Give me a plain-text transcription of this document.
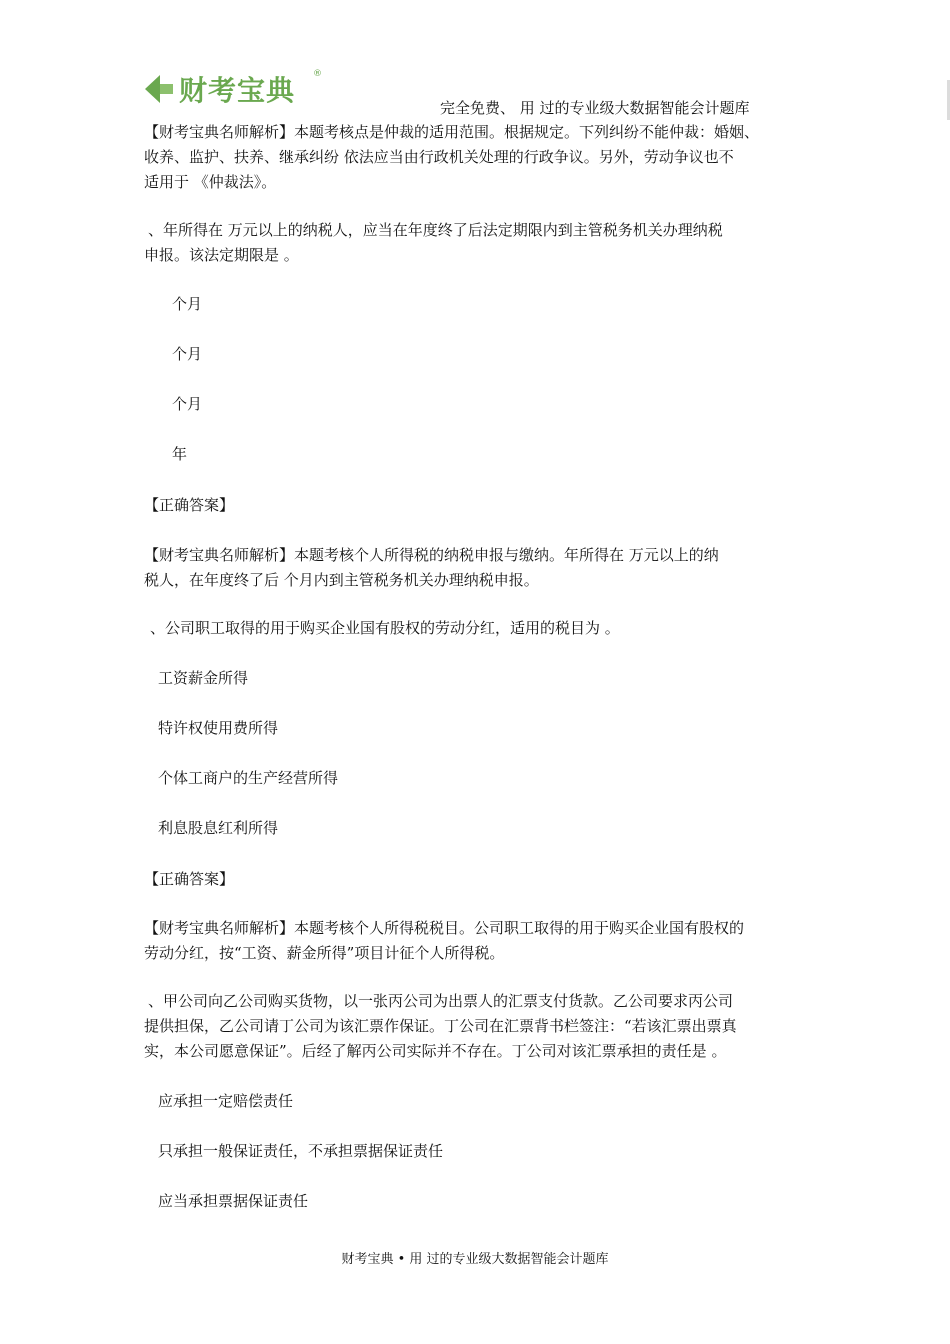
财考宝典 ®
完全免费、 用 过的专业级大数据智能会计题库

【财考宝典名师解析】本题考核点是仲裁的适用范围。根据规定。下列纠纷不能仲裁：婚姻、

收养、监护、扶养、继承纠纷 依法应当由行政机关处理的行政争议。另外，劳动争议也不

适用于 《仲裁法》。

、年所得在 万元以上的纳税人，应当在年度终了后法定期限内到主管税务机关办理纳税

申报。该法定期限是 。

个月

个月

个月

年

【正确答案】

【财考宝典名师解析】本题考核个人所得税的纳税申报与缴纳。年所得在 万元以上的纳

税人，在年度终了后 个月内到主管税务机关办理纳税申报。

、公司职工取得的用于购买企业国有股权的劳动分红，适用的税目为 。

工资薪金所得

特许权使用费所得

个体工商户的生产经营所得

利息股息红利所得

【正确答案】

【财考宝典名师解析】本题考核个人所得税税目。公司职工取得的用于购买企业国有股权的

劳动分红，按“工资、薪金所得”项目计征个人所得税。

、甲公司向乙公司购买货物，以一张丙公司为出票人的汇票支付货款。乙公司要求丙公司

提供担保，乙公司请丁公司为该汇票作保证。丁公司在汇票背书栏签注：“若该汇票出票真

实，本公司愿意保证”。后经了解丙公司实际并不存在。丁公司对该汇票承担的责任是 。

应承担一定赔偿责任

只承担一般保证责任，不承担票据保证责任

应当承担票据保证责任

财考宝典 • 用 过的专业级大数据智能会计题库
